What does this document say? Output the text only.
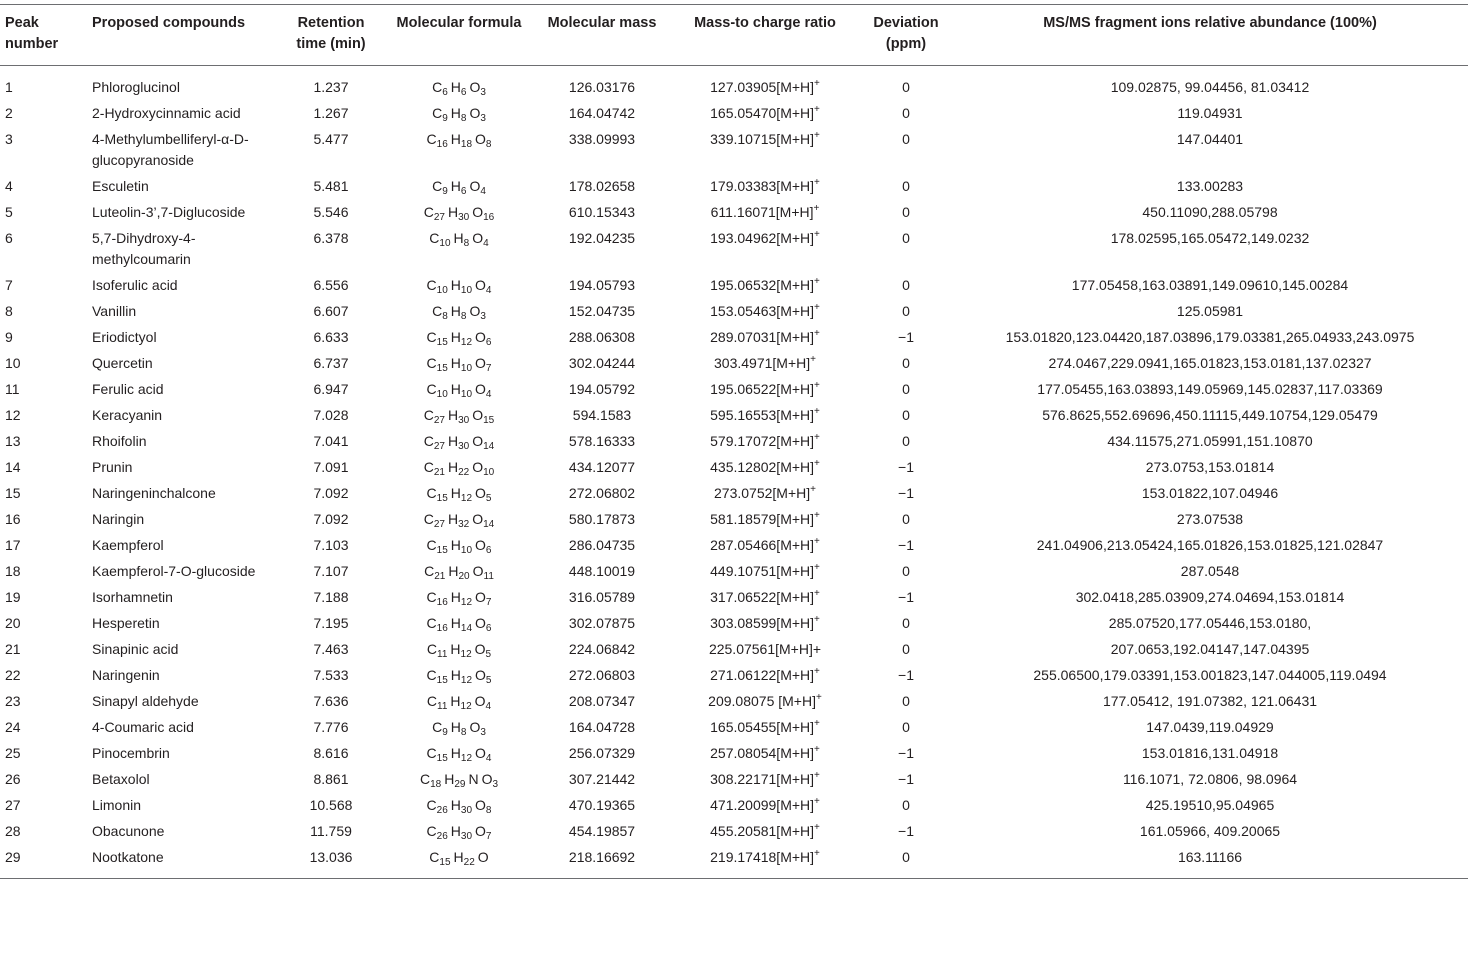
Peak number	Proposed compounds	Retention time (min)	Molecular formula	Molecular mass	Mass-to charge ratio	Deviation (ppm)	MS/MS fragment ions relative abundance (100%)
1	Phloroglucinol	1.237	$C_6$ $H_6$ $O_3$	126.03176	127.03905[M+H]+	0	109.02875, 99.04456, 81.03412
2	2-Hydroxycinnamic acid	1.267	$C_9$ $H_8$ $O_3$	164.04742	165.05470[M+H]+	0	119.04931
3	4-Methylumbelliferyl-α-D-glucopyranoside	5.477	$C_{16}$ $H_{18}$ $O_8$	338.09993	339.10715[M+H]+	0	147.04401
4	Esculetin	5.481	$C_9$ $H_6$ $O_4$	178.02658	179.03383[M+H]+	0	133.00283
5	Luteolin-3’,7-Diglucoside	5.546	$C_{27}$ $H_{30}$ $O_{16}$	610.15343	611.16071[M+H]+	0	450.11090,288.05798
6	5,7-Dihydroxy-4-methylcoumarin	6.378	$C_{10}$ $H_8$ $O_4$	192.04235	193.04962[M+H]+	0	178.02595,165.05472,149.0232
7	Isoferulic acid	6.556	$C_{10}$ $H_{10}$ $O_4$	194.05793	195.06532[M+H]+	0	177.05458,163.03891,149.09610,145.00284
8	Vanillin	6.607	$C_8$ $H_8$ $O_3$	152.04735	153.05463[M+H]+	0	125.05981
9	Eriodictyol	6.633	$C_{15}$ $H_{12}$ $O_6$	288.06308	289.07031[M+H]+	−1	153.01820,123.04420,187.03896,179.03381,265.04933,243.0975
10	Quercetin	6.737	$C_{15}$ $H_{10}$ $O_7$	302.04244	303.4971[M+H]+	0	274.0467,229.0941,165.01823,153.0181,137.02327
11	Ferulic acid	6.947	$C_{10}$ $H_{10}$ $O_4$	194.05792	195.06522[M+H]+	0	177.05455,163.03893,149.05969,145.02837,117.03369
12	Keracyanin	7.028	$C_{27}$ $H_{30}$ $O_{15}$	594.1583	595.16553[M+H]+	0	576.8625,552.69696,450.11115,449.10754,129.05479
13	Rhoifolin	7.041	$C_{27}$ $H_{30}$ $O_{14}$	578.16333	579.17072[M+H]+	0	434.11575,271.05991,151.10870
14	Prunin	7.091	$C_{21}$ $H_{22}$ $O_{10}$	434.12077	435.12802[M+H]+	−1	273.0753,153.01814
15	Naringeninchalcone	7.092	$C_{15}$ $H_{12}$ $O_5$	272.06802	273.0752[M+H]+	−1	153.01822,107.04946
16	Naringin	7.092	$C_{27}$ $H_{32}$ $O_{14}$	580.17873	581.18579[M+H]+	0	273.07538
17	Kaempferol	7.103	$C_{15}$ $H_{10}$ $O_6$	286.04735	287.05466[M+H]+	−1	241.04906,213.05424,165.01826,153.01825,121.02847
18	Kaempferol-7-O-glucoside	7.107	$C_{21}$ $H_{20}$ $O_{11}$	448.10019	449.10751[M+H]+	0	287.0548
19	Isorhamnetin	7.188	$C_{16}$ $H_{12}$ $O_7$	316.05789	317.06522[M+H]+	−1	302.0418,285.03909,274.04694,153.01814
20	Hesperetin	7.195	$C_{16}$ $H_{14}$ $O_6$	302.07875	303.08599[M+H]+	0	285.07520,177.05446,153.0180,
21	Sinapinic acid	7.463	$C_{11}$ $H_{12}$ $O_5$	224.06842	225.07561[M+H]+	0	207.0653,192.04147,147.04395
22	Naringenin	7.533	$C_{15}$ $H_{12}$ $O_5$	272.06803	271.06122[M+H]+	−1	255.06500,179.03391,153.001823,147.044005,119.0494
23	Sinapyl aldehyde	7.636	$C_{11}$ $H_{12}$ $O_4$	208.07347	209.08075 [M+H]+	0	177.05412, 191.07382, 121.06431
24	4-Coumaric acid	7.776	$C_9$ $H_8$ $O_3$	164.04728	165.05455[M+H]+	0	147.0439,119.04929
25	Pinocembrin	8.616	$C_{15}$ $H_{12}$ $O_4$	256.07329	257.08054[M+H]+	−1	153.01816,131.04918
26	Betaxolol	8.861	$C_{18}$ $H_{29}$ N $O_3$	307.21442	308.22171[M+H]+	−1	116.1071, 72.0806, 98.0964
27	Limonin	10.568	$C_{26}$ $H_{30}$ $O_8$	470.19365	471.20099[M+H]+	0	425.19510,95.04965
28	Obacunone	11.759	$C_{26}$ $H_{30}$ $O_7$	454.19857	455.20581[M+H]+	−1	161.05966, 409.20065
29	Nootkatone	13.036	$C_{15}$ $H_{22}$ O	218.16692	219.17418[M+H]+	0	163.11166
